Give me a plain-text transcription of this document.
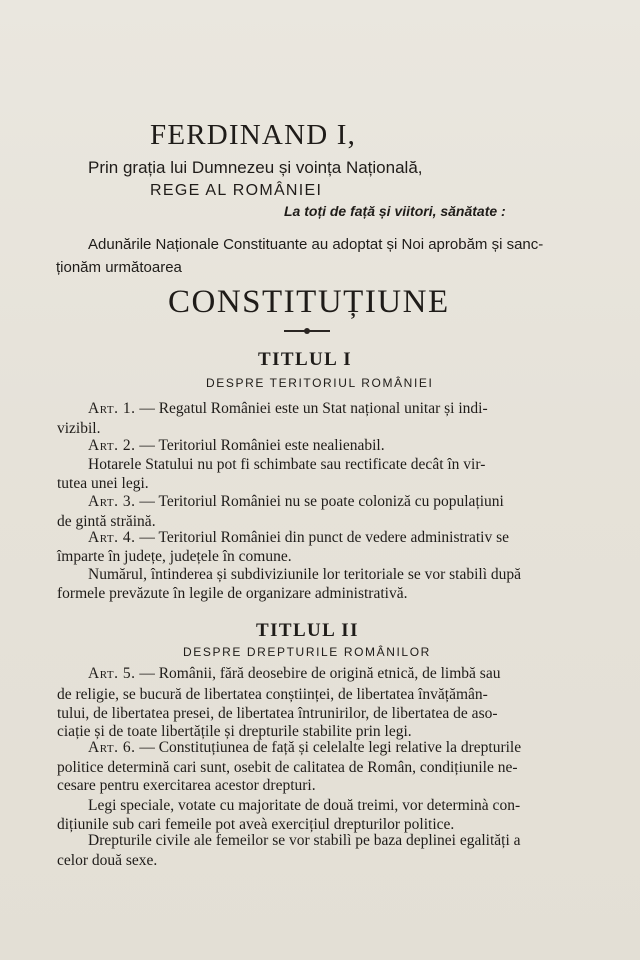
FERDINAND I,
Prin grația lui Dumnezeu și voința Națională,
REGE AL ROMÂNIEI
La toți de față și viitori, sănătate :
Adunările Naționale Constituante au adoptat și Noi aprobăm și sanc-
ționăm următoarea
CONSTITUȚIUNE
TITLUL I
DESPRE TERITORIUL ROMÂNIEI
Art. 1. — Regatul României este un Stat național unitar și indi-
vizibil.
Art. 2. — Teritoriul României este nealienabil.
Hotarele Statului nu pot fi schimbate sau rectificate decât în vir-
tutea unei legi.
Art. 3. — Teritoriul României nu se poate coloniză cu populațiuni
de gintă străină.
Art. 4. — Teritoriul României din punct de vedere administrativ se
împarte în județe, județele în comune.
Numărul, întinderea și subdiviziunile lor teritoriale se vor stabilì după
formele prevăzute în legile de organizare administrativă.
TITLUL II
DESPRE DREPTURILE ROMÂNILOR
Art. 5. — Românii, fără deosebire de origină etnică, de limbă sau
de religie, se bucură de libertatea conștiinței, de libertatea învățămân-
tului, de libertatea presei, de libertatea întrunirilor, de libertatea de aso-
ciație și de toate libertățile și drepturile stabilite prin legi.
Art. 6. — Constituțiunea de față și celelalte legi relative la drepturile
politice determină cari sunt, osebit de calitatea de Român, condițiunile ne-
cesare pentru exercitarea acestor drepturi.
Legi speciale, votate cu majoritate de două treimi, vor determinà con-
dițiunile sub cari femeile pot aveà exercițiul drepturilor politice.
Drepturile civile ale femeilor se vor stabilì pe baza deplinei egalități a
celor două sexe.
